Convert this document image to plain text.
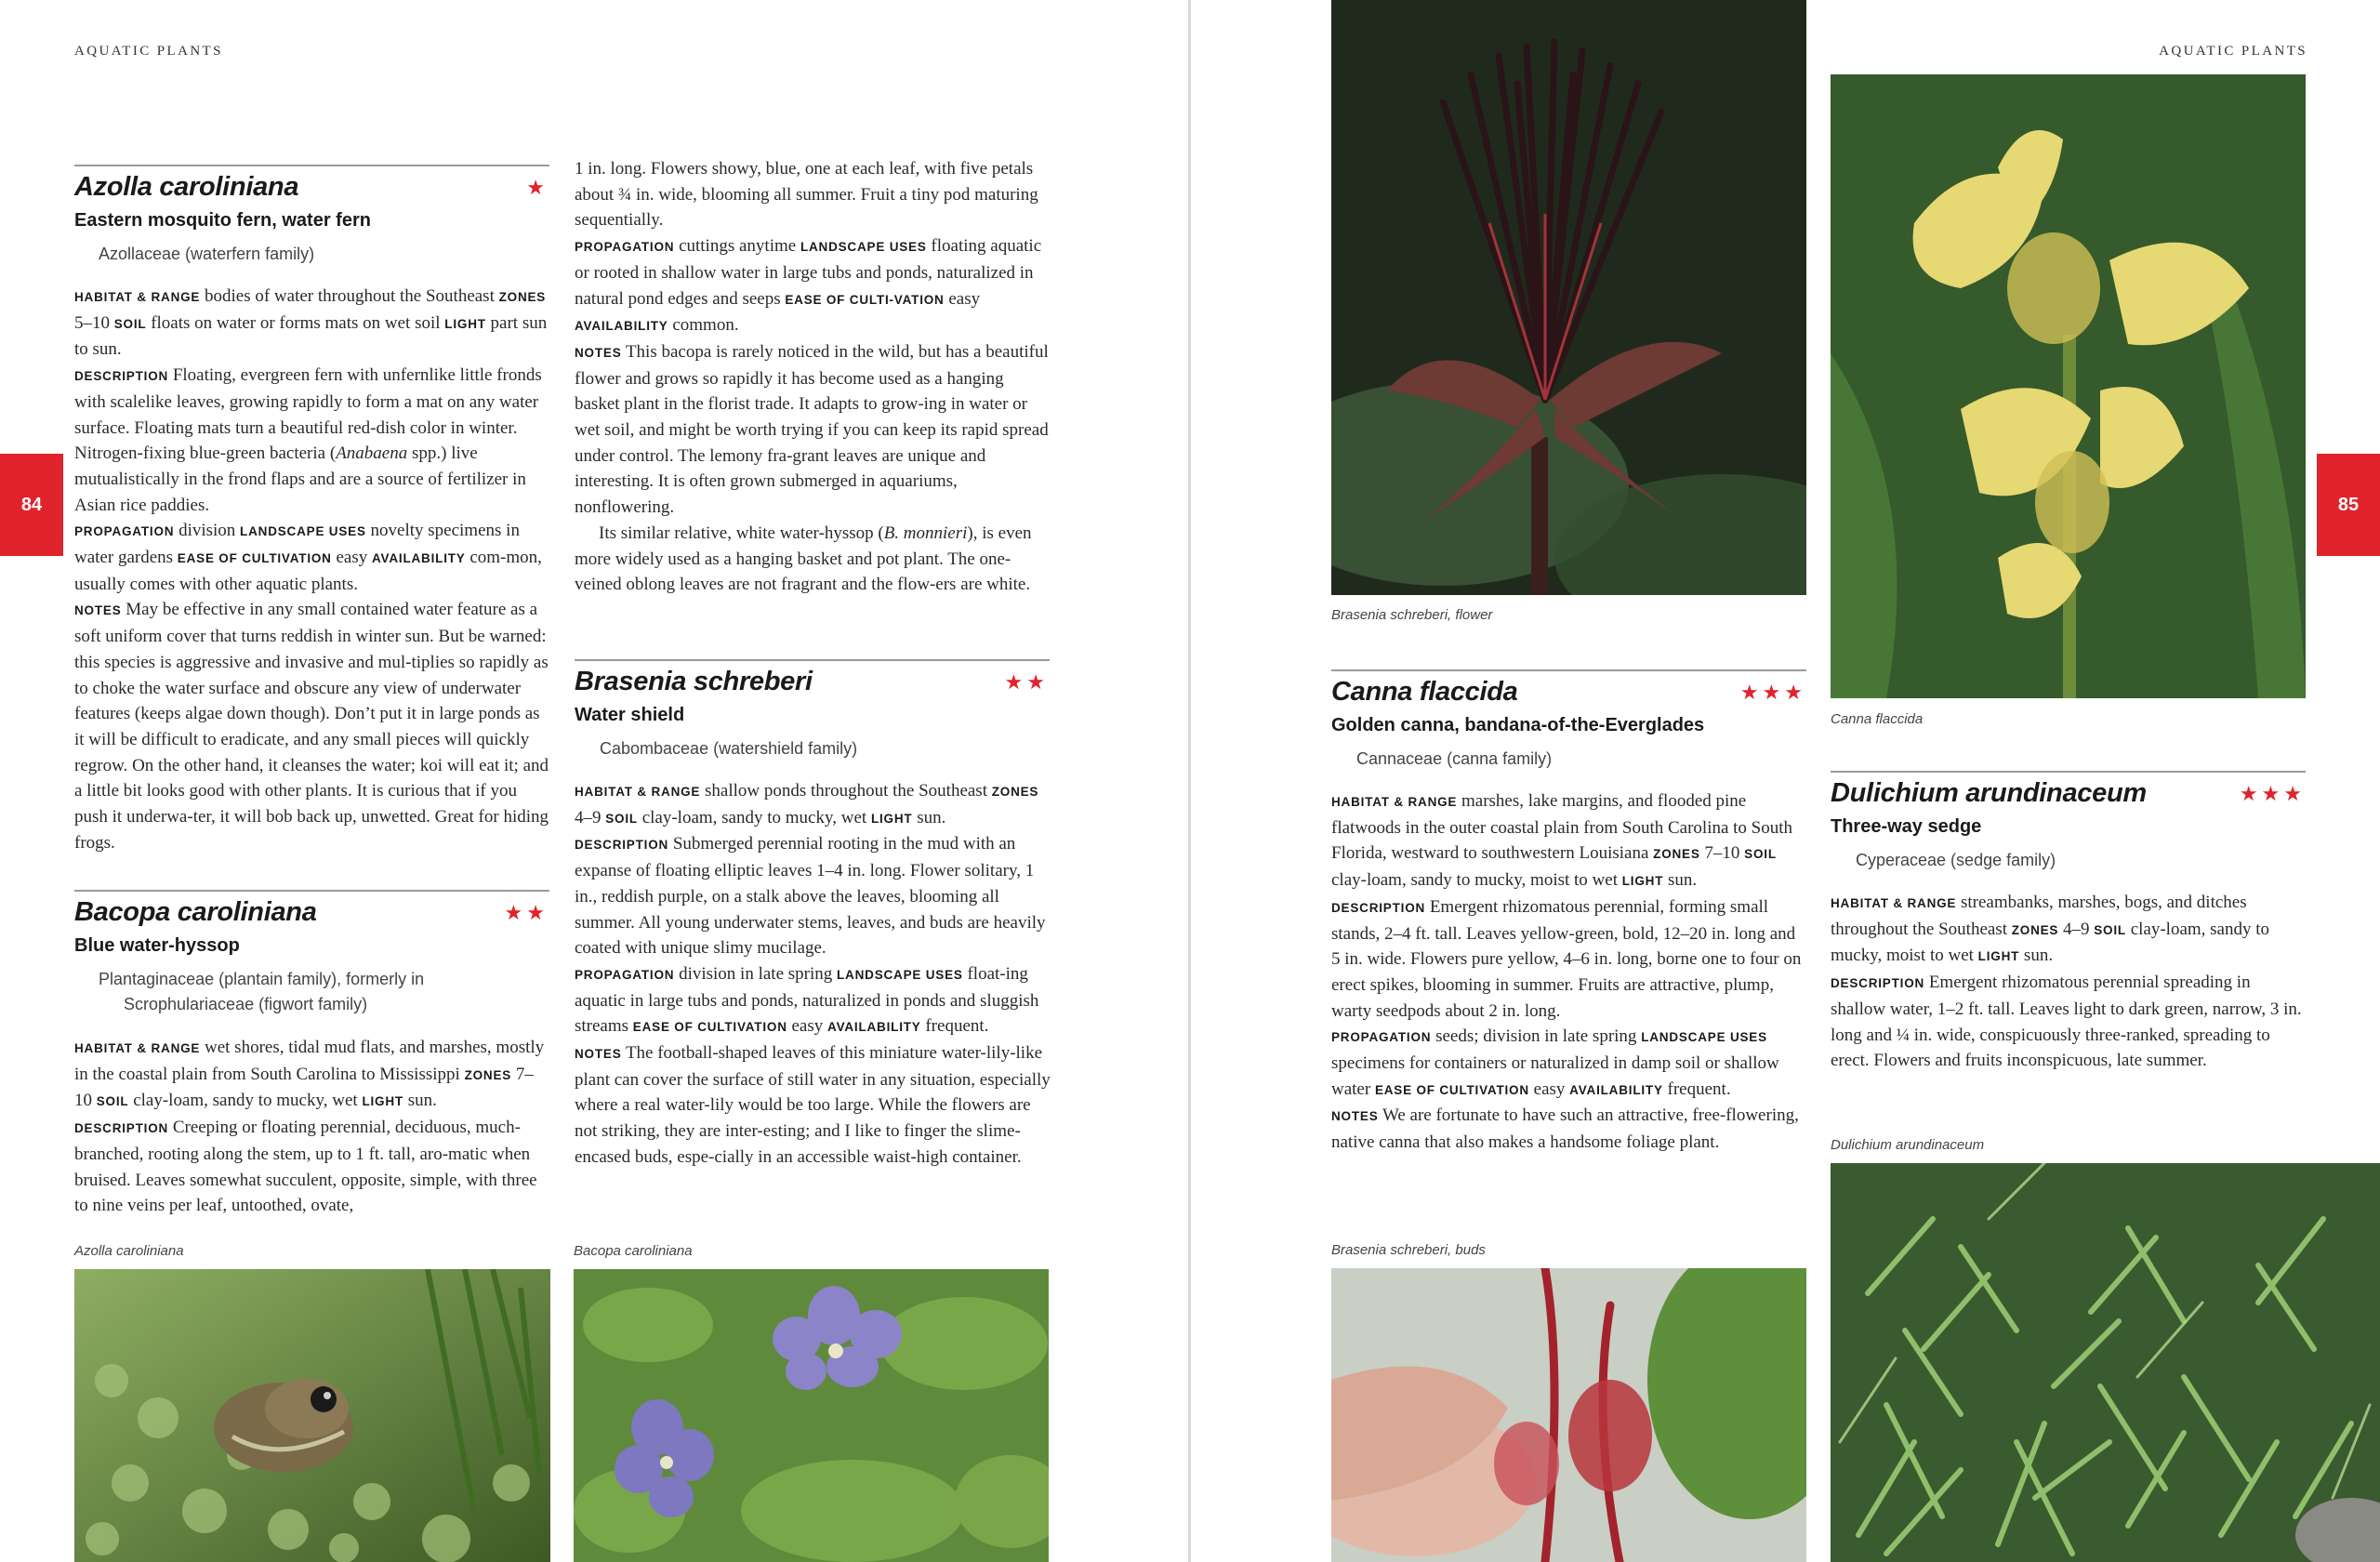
AQUATIC PLANTS	AQUATIC PLANTS
84	85
Azolla caroliniana	★
Eastern mosquito fern, water fern
Azollaceae (waterfern family)

HABITAT & RANGE bodies of water throughout the Southeast ZONES 5–10 SOIL floats on water or forms mats on wet soil LIGHT part sun to sun.

DESCRIPTION Floating, evergreen fern with unfernlike little fronds with scalelike leaves, growing rapidly to form a mat on any water surface. Floating mats turn a beautiful red-dish color in winter. Nitrogen-fixing blue-green bacteria (Anabaena spp.) live mutualistically in the frond flaps and are a source of fertilizer in Asian rice paddies.

PROPAGATION division LANDSCAPE USES novelty specimens in water gardens EASE OF CULTIVATION easy AVAILABILITY com-mon, usually comes with other aquatic plants.

NOTES May be effective in any small contained water feature as a soft uniform cover that turns reddish in winter sun. But be warned: this species is aggressive and invasive and mul-tiplies so rapidly as to choke the water surface and obscure any view of underwater features (keeps algae down though). Don’t put it in large ponds as it will be difficult to eradicate, and any small pieces will quickly regrow. On the other hand, it cleanses the water; koi will eat it; and a little bit looks good with other plants. It is curious that if you push it underwa-ter, it will bob back up, unwetted. Great for hiding frogs.

Bacopa caroliniana	★★
Blue water-hyssop
Plantaginaceae (plantain family), formerly in
Scrophulariaceae (figwort family)

HABITAT & RANGE wet shores, tidal mud flats, and marshes, mostly in the coastal plain from South Carolina to Mississippi ZONES 7–10 SOIL clay-loam, sandy to mucky, wet LIGHT sun.

DESCRIPTION Creeping or floating perennial, deciduous, much-branched, rooting along the stem, up to 1 ft. tall, aro-matic when bruised. Leaves somewhat succulent, opposite, simple, with three to nine veins per leaf, untoothed, ovate,

Azolla caroliniana	Bacopa caroliniana

1 in. long. Flowers showy, blue, one at each leaf, with five petals about ¾ in. wide, blooming all summer. Fruit a tiny pod maturing sequentially.

PROPAGATION cuttings anytime LANDSCAPE USES floating aquatic or rooted in shallow water in large tubs and ponds, naturalized in natural pond edges and seeps EASE OF CULTI-VATION easy AVAILABILITY common.

NOTES This bacopa is rarely noticed in the wild, but has a beautiful flower and grows so rapidly it has become used as a hanging basket plant in the florist trade. It adapts to grow-ing in water or wet soil, and might be worth trying if you can keep its rapid spread under control. The lemony fra-grant leaves are unique and interesting. It is often grown submerged in aquariums, nonflowering.

Its similar relative, white water-hyssop (B. monnieri), is even more widely used as a hanging basket and pot plant. The one-veined oblong leaves are not fragrant and the flow-ers are white.

Brasenia schreberi	★★
Water shield
Cabombaceae (watershield family)

HABITAT & RANGE shallow ponds throughout the Southeast ZONES 4–9 SOIL clay-loam, sandy to mucky, wet LIGHT sun.

DESCRIPTION Submerged perennial rooting in the mud with an expanse of floating elliptic leaves 1–4 in. long. Flower solitary, 1 in., reddish purple, on a stalk above the leaves, blooming all summer. All young underwater stems, leaves, and buds are heavily coated with unique slimy mucilage.

PROPAGATION division in late spring LANDSCAPE USES float-ing aquatic in large tubs and ponds, naturalized in ponds and sluggish streams EASE OF CULTIVATION easy AVAILABILITY frequent.

NOTES The football-shaped leaves of this miniature water-lily-like plant can cover the surface of still water in any situation, especially where a real water-lily would be too large. While the flowers are not striking, they are inter-esting; and I like to finger the slime-encased buds, espe-cially in an accessible waist-high container.

Brasenia schreberi, flower
Canna flaccida
Canna flaccida	★★★
Golden canna, bandana-of-the-Everglades
Cannaceae (canna family)

HABITAT & RANGE marshes, lake margins, and flooded pine flatwoods in the outer coastal plain from South Carolina to South Florida, westward to southwestern Louisiana ZONES 7–10 SOIL clay-loam, sandy to mucky, moist to wet LIGHT sun.

DESCRIPTION Emergent rhizomatous perennial, forming small stands, 2–4 ft. tall. Leaves yellow-green, bold, 12–20 in. long and 5 in. wide. Flowers pure yellow, 4–6 in. long, borne one to four on erect spikes, blooming in summer. Fruits are attractive, plump, warty seedpods about 2 in. long.

PROPAGATION seeds; division in late spring LANDSCAPE USES specimens for containers or naturalized in damp soil or shallow water EASE OF CULTIVATION easy AVAILABILITY frequent.

NOTES We are fortunate to have such an attractive, free-flowering, native canna that also makes a handsome foliage plant.

Dulichium arundinaceum	★★★
Three-way sedge
Cyperaceae (sedge family)

HABITAT & RANGE streambanks, marshes, bogs, and ditches throughout the Southeast ZONES 4–9 SOIL clay-loam, sandy to mucky, moist to wet LIGHT sun.

DESCRIPTION Emergent rhizomatous perennial spreading in shallow water, 1–2 ft. tall. Leaves light to dark green, narrow, 3 in. long and ¼ in. wide, conspicuously three-ranked, spreading to erect. Flowers and fruits inconspicuous, late summer.

Brasenia schreberi, buds
Dulichium arundinaceum
